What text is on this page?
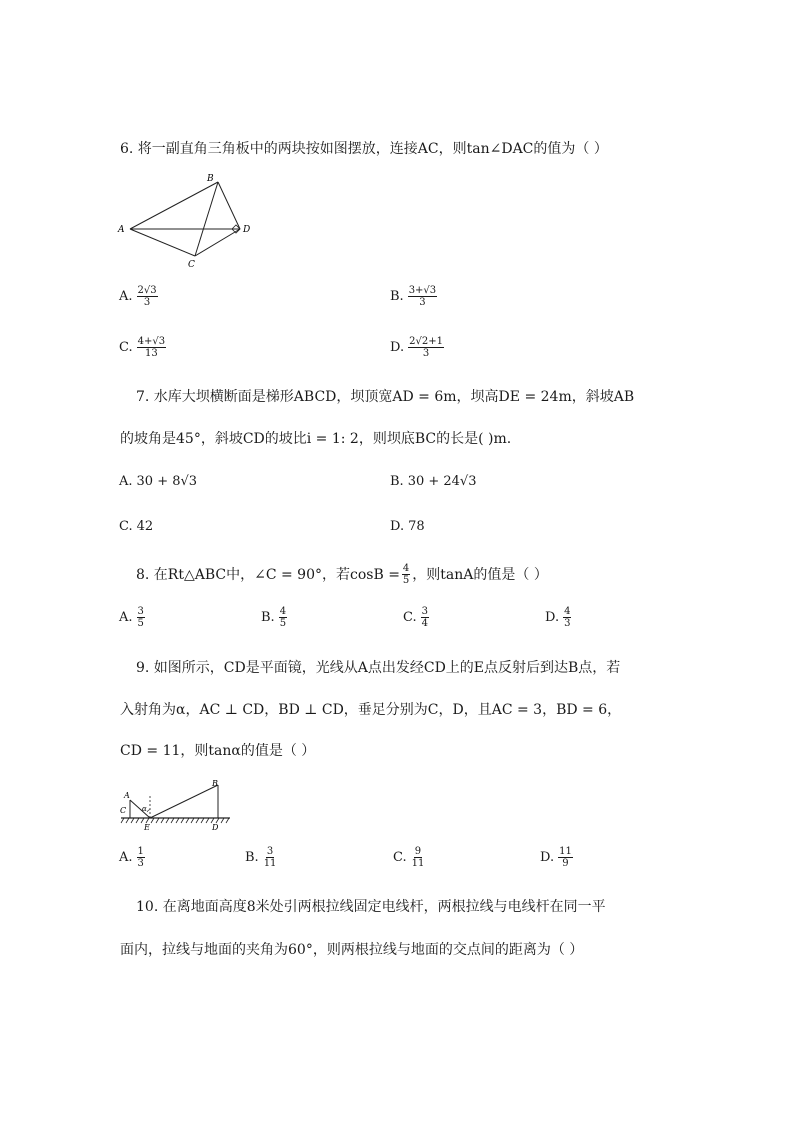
6. 将一副直角三角板中的两块按如图摆放，连接AC，则tan∠DAC的值为（ ）
B
A	D
C
A. $\frac{2√3}{3}$	B. $\frac{3+√3}{3}$
C. $\frac{4+√3}{13}$	D. $\frac{2√2+1}{3}$
7. 水库大坝横断面是梯形ABCD，坝顶宽AD = 6m，坝高DE = 24m，斜坡AB
的坡角是45°，斜坡CD的坡比i = 1: 2，则坝底BC的长是( )m.
A. 30 + 8√3	B. 30 + 24√3
C. 42	D. 78
8. 在Rt△ABC中，∠C = 90°，若$\cos B = \frac{4}{5}$ ，则tanA的值是（ ）
A. $\frac{3}{5}$	B. $\frac{4}{5}$	C. $\frac{3}{4}$	D. $\frac{4}{3}$
9. 如图所示，CD是平面镜，光线从A点出发经CD上的E点反射后到达B点，若
入射角为α，AC ⊥ CD，BD ⊥ CD，垂足分别为C，D，且AC = 3，BD = 6，
CD = 11，则tanα的值是（ ）
B
A
α
C
E	D
A. $\frac{1}{3}$	B. $\frac{3}{11}$	C. $\frac{9}{11}$	D. $\frac{11}{9}$
10. 在离地面高度8米处引两根拉线固定电线杆，两根拉线与电线杆在同一平
面内，拉线与地面的夹角为60°，则两根拉线与地面的交点间的距离为（ ）
